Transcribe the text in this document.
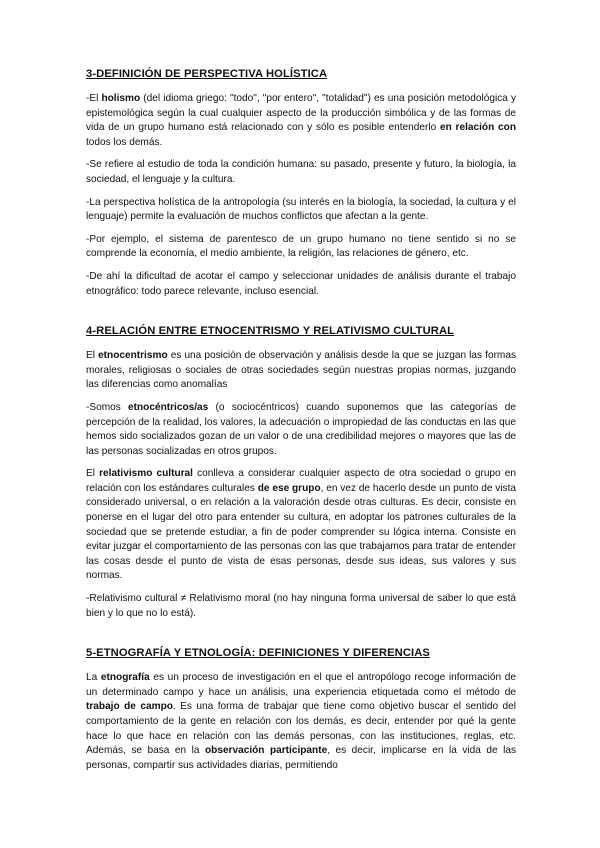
3-DEFINICIÓN DE PERSPECTIVA HOLÍSTICA

-El holismo (del idioma griego: "todo", "por entero", "totalidad") es una posición metodológica y epistemológica según la cual cualquier aspecto de la producción simbólica y de las formas de vida de un grupo humano está relacionado con y sólo es posible entenderlo en relación con todos los demás.

-Se refiere al estudio de toda la condición humana: su pasado, presente y futuro, la biología, la sociedad, el lenguaje y la cultura.

-La perspectiva holística de la antropología (su interés en la biología, la sociedad, la cultura y el lenguaje) permite la evaluación de muchos conflictos que afectan a la gente.

-Por ejemplo, el sistema de parentesco de un grupo humano no tiene sentido si no se comprende la economía, el medio ambiente, la religión, las relaciones de género, etc.

-De ahí la dificultad de acotar el campo y seleccionar unidades de análisis durante el trabajo etnográfico: todo parece relevante, incluso esencial.

4-RELACIÓN ENTRE ETNOCENTRISMO Y RELATIVISMO CULTURAL

El etnocentrismo es una posición de observación y análisis desde la que se juzgan las formas morales, religiosas o sociales de otras sociedades según nuestras propias normas, juzgando las diferencias como anomalías

-Somos etnocéntricos/as (o sociocéntricos) cuando suponemos que las categorías de percepción de la realidad, los valores, la adecuación o impropiedad de las conductas en las que hemos sido socializados gozan de un valor o de una credibilidad mejores o mayores que las de las personas socializadas en otros grupos.

El relativismo cultural conlleva a considerar cualquier aspecto de otra sociedad o grupo en relación con los estándares culturales de ese grupo, en vez de hacerlo desde un punto de vista considerado universal, o en relación a la valoración desde otras culturas. Es decir, consiste en ponerse en el lugar del otro para entender su cultura, en adoptar los patrones culturales de la sociedad que se pretende estudiar, a fin de poder comprender su lógica interna. Consiste en evitar juzgar el comportamiento de las personas con las que trabajamos para tratar de entender las cosas desde el punto de vista de esas personas, desde sus ideas, sus valores y sus normas.

-Relativismo cultural ≠ Relativismo moral (no hay ninguna forma universal de saber lo que está bien y lo que no lo está).

5-ETNOGRAFÍA Y ETNOLOGÍA: DEFINICIONES Y DIFERENCIAS

La etnografía es un proceso de investigación en el que el antropólogo recoge información de un determinado campo y hace un análisis, una experiencia etiquetada como el método de trabajo de campo. Es una forma de trabajar que tiene como objetivo buscar el sentido del comportamiento de la gente en relación con los demás, es decir, entender por qué la gente hace lo que hace en relación con las demás personas, con las instituciones, reglas, etc. Además, se basa en la observación participante, es decir, implicarse en la vida de las personas, compartir sus actividades diarias, permitiendo
